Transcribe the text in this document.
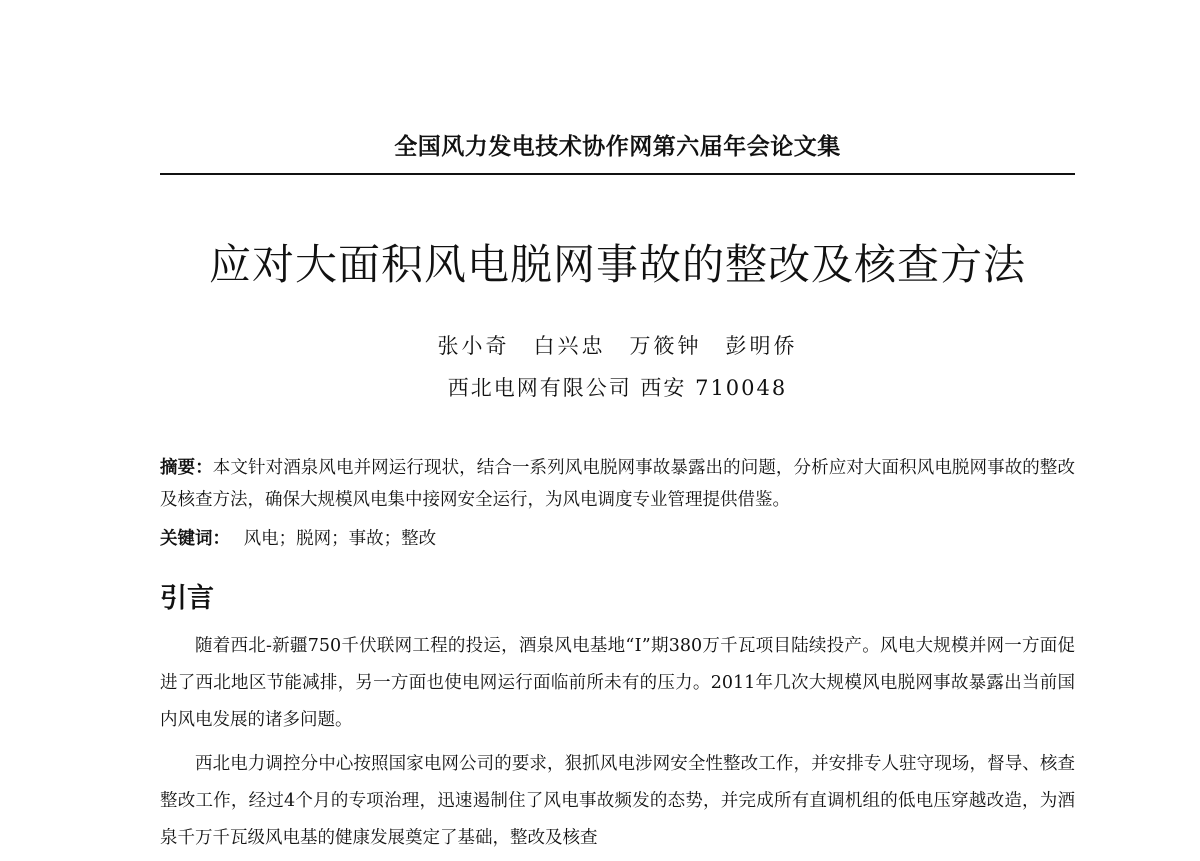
全国风力发电技术协作网第六届年会论文集
应对大面积风电脱网事故的整改及核查方法
张小奇　白兴忠　万筱钟　彭明侨
西北电网有限公司 西安 710048
摘要：本文针对酒泉风电并网运行现状，结合一系列风电脱网事故暴露出的问题，分析应对大面积风电脱网事故的整改及核查方法，确保大规模风电集中接网安全运行，为风电调度专业管理提供借鉴。
关键词： 风电；脱网；事故；整改
引言

随着西北-新疆750千伏联网工程的投运，酒泉风电基地“Ⅰ”期380万千瓦项目陆续投产。风电大规模并网一方面促进了西北地区节能减排，另一方面也使电网运行面临前所未有的压力。2011年几次大规模风电脱网事故暴露出当前国内风电发展的诸多问题。

西北电力调控分中心按照国家电网公司的要求，狠抓风电涉网安全性整改工作，并安排专人驻守现场，督导、核查整改工作，经过4个月的专项治理，迅速遏制住了风电事故频发的态势，并完成所有直调机组的低电压穿越改造，为酒泉千万千瓦级风电基的健康发展奠定了基础，整改及核查
